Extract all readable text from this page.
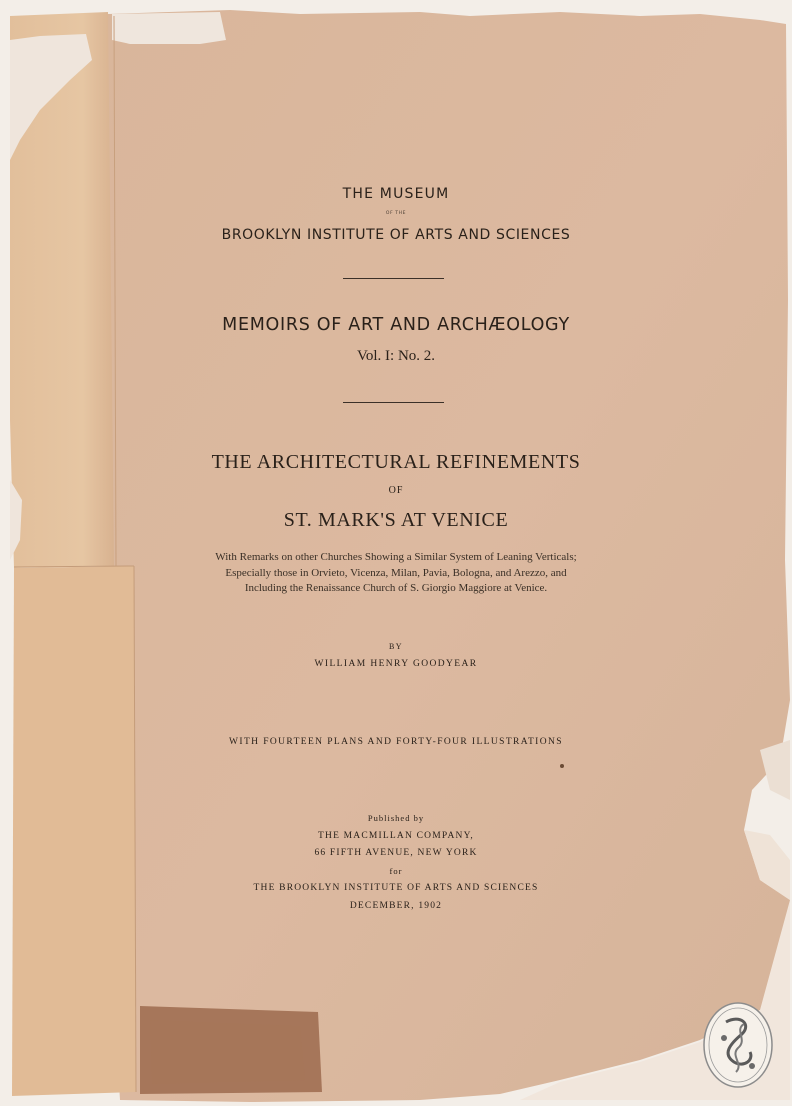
THE MUSEUM

OF THE

BROOKLYN INSTITUTE OF ARTS AND SCIENCES

MEMOIRS OF ART AND ARCHÆOLOGY

Vol. I: No. 2.

THE ARCHITECTURAL REFINEMENTS

OF

ST. MARK'S AT VENICE

With Remarks on other Churches Showing a Similar System of Leaning Verticals;
Especially those in Orvieto, Vicenza, Milan, Pavia, Bologna, and Arezzo, and
Including the Renaissance Church of S. Giorgio Maggiore at Venice.

BY

WILLIAM HENRY GOODYEAR

WITH FOURTEEN PLANS AND FORTY-FOUR ILLUSTRATIONS

Published by
THE MACMILLAN COMPANY,
66 FIFTH AVENUE, NEW YORK
for
THE BROOKLYN INSTITUTE OF ARTS AND SCIENCES
DECEMBER, 1902
